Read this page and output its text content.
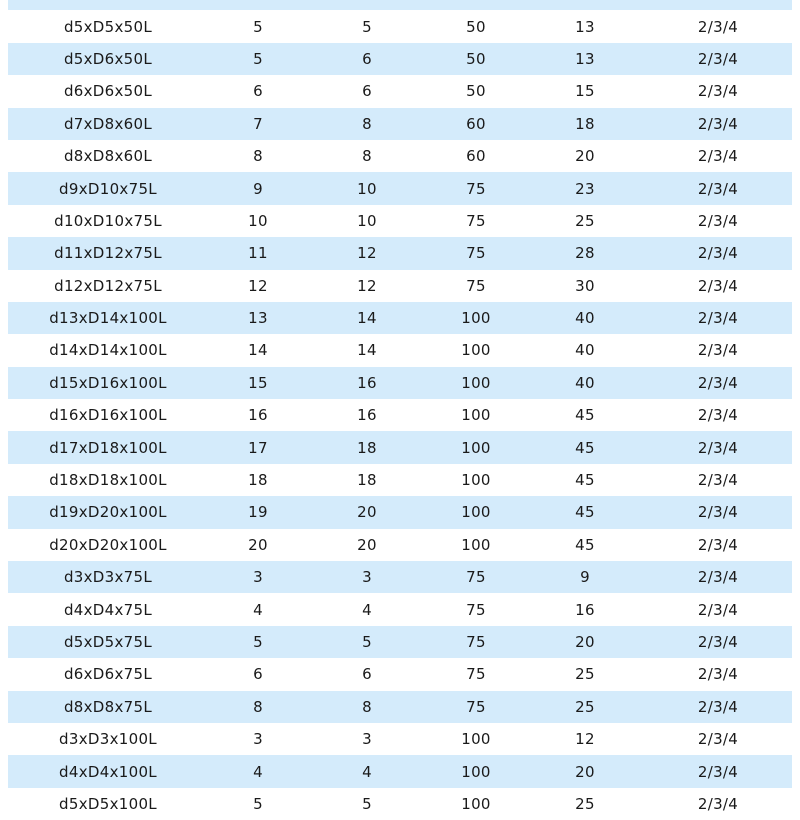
d5xD5x50L	5	5	50	13	2/3/4
d5xD6x50L	5	6	50	13	2/3/4
d6xD6x50L	6	6	50	15	2/3/4
d7xD8x60L	7	8	60	18	2/3/4
d8xD8x60L	8	8	60	20	2/3/4
d9xD10x75L	9	10	75	23	2/3/4
d10xD10x75L	10	10	75	25	2/3/4
d11xD12x75L	11	12	75	28	2/3/4
d12xD12x75L	12	12	75	30	2/3/4
d13xD14x100L	13	14	100	40	2/3/4
d14xD14x100L	14	14	100	40	2/3/4
d15xD16x100L	15	16	100	40	2/3/4
d16xD16x100L	16	16	100	45	2/3/4
d17xD18x100L	17	18	100	45	2/3/4
d18xD18x100L	18	18	100	45	2/3/4
d19xD20x100L	19	20	100	45	2/3/4
d20xD20x100L	20	20	100	45	2/3/4
d3xD3x75L	3	3	75	9	2/3/4
d4xD4x75L	4	4	75	16	2/3/4
d5xD5x75L	5	5	75	20	2/3/4
d6xD6x75L	6	6	75	25	2/3/4
d8xD8x75L	8	8	75	25	2/3/4
d3xD3x100L	3	3	100	12	2/3/4
d4xD4x100L	4	4	100	20	2/3/4
d5xD5x100L	5	5	100	25	2/3/4
